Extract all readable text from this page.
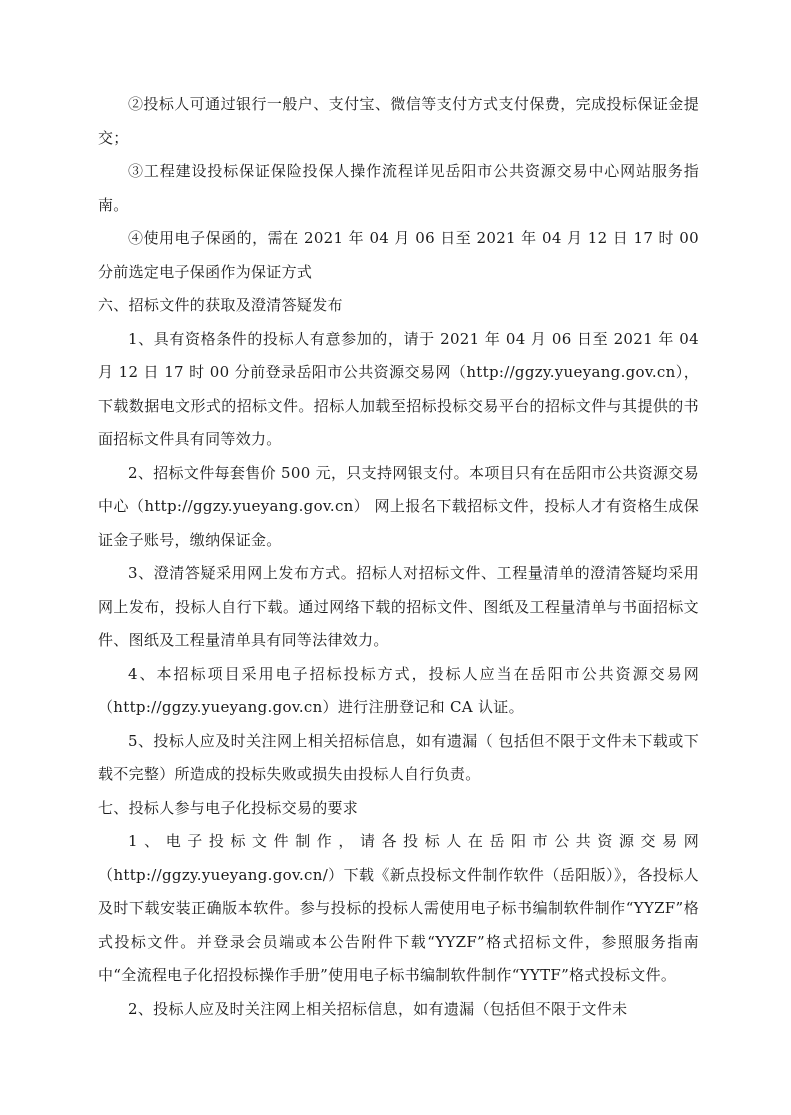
②投标人可通过银行一般户、支付宝、微信等支付方式支付保费，完成投标保证金提交；

③工程建设投标保证保险投保人操作流程详见岳阳市公共资源交易中心网站服务指南。

④使用电子保函的，需在 2021 年 04 月 06 日至 2021 年 04 月 12 日 17 时 00 分前选定电子保函作为保证方式

六、招标文件的获取及澄清答疑发布

1、具有资格条件的投标人有意参加的，请于 2021 年 04 月 06 日至 2021 年 04 月 12 日 17 时 00 分前登录岳阳市公共资源交易网（http://ggzy.yueyang.gov.cn），下载数据电文形式的招标文件。招标人加载至招标投标交易平台的招标文件与其提供的书面招标文件具有同等效力。

2、招标文件每套售价 500 元，只支持网银支付。本项目只有在岳阳市公共资源交易中心（http://ggzy.yueyang.gov.cn） 网上报名下载招标文件，投标人才有资格生成保证金子账号，缴纳保证金。

3、澄清答疑采用网上发布方式。招标人对招标文件、工程量清单的澄清答疑均采用网上发布，投标人自行下载。通过网络下载的招标文件、图纸及工程量清单与书面招标文件、图纸及工程量清单具有同等法律效力。

4、本招标项目采用电子招标投标方式，投标人应当在岳阳市公共资源交易网（http://ggzy.yueyang.gov.cn）进行注册登记和 CA 认证。

5、投标人应及时关注网上相关招标信息，如有遗漏（ 包括但不限于文件未下载或下载不完整）所造成的投标失败或损失由投标人自行负责。

七、投标人参与电子化投标交易的要求

1、电子投标文件制作，请各投标人在岳阳市公共资源交易网（http://ggzy.yueyang.gov.cn/）下载《新点投标文件制作软件（岳阳版）》，各投标人及时下载安装正确版本软件。参与投标的投标人需使用电子标书编制软件制作“YYZF”格式投标文件。并登录会员端或本公告附件下载“YYZF”格式招标文件，参照服务指南中“全流程电子化招投标操作手册”使用电子标书编制软件制作“YYTF”格式投标文件。

2、投标人应及时关注网上相关招标信息，如有遗漏（包括但不限于文件未
